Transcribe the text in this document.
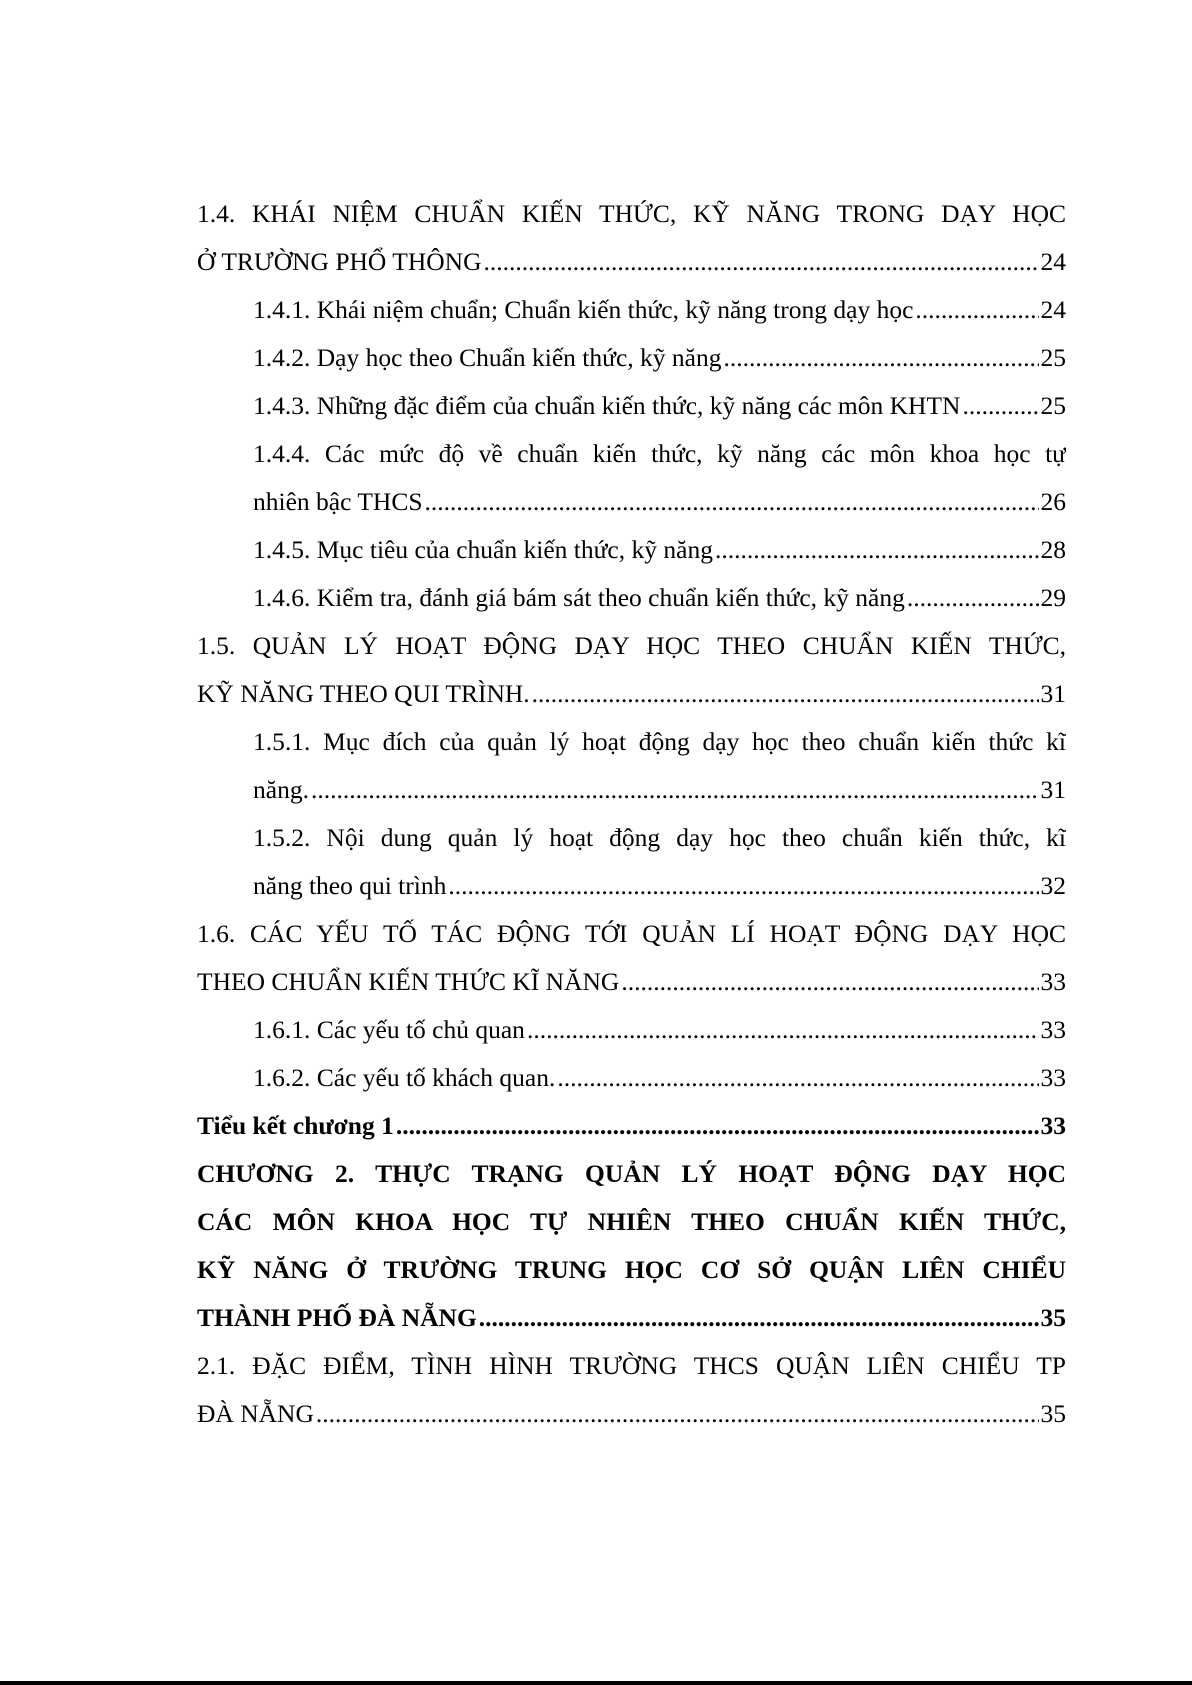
1.4. KHÁI NIỆM CHUẨN KIẾN THỨC, KỸ NĂNG TRONG DẠY HỌC
Ở TRƯỜNG PHỔ THÔNG .....	24
1.4.1. Khái niệm chuẩn; Chuẩn kiến thức, kỹ năng trong dạy học .....	24
1.4.2. Dạy học theo Chuẩn kiến thức, kỹ năng .....	25
1.4.3. Những đặc điểm của chuẩn kiến thức, kỹ năng các môn KHTN .....	25
1.4.4. Các mức độ về chuẩn kiến thức, kỹ năng các môn khoa học tự
nhiên bậc THCS .....	26
1.4.5. Mục tiêu của chuẩn kiến thức, kỹ năng .....	28
1.4.6. Kiểm tra, đánh giá bám sát theo chuẩn kiến thức, kỹ năng .....	29
1.5. QUẢN LÝ HOẠT ĐỘNG DẠY HỌC THEO CHUẨN KIẾN THỨC,
KỸ NĂNG THEO QUI TRÌNH. .....	31
1.5.1. Mục đích của quản lý hoạt động dạy học theo chuẩn kiến thức kĩ
năng. .....	31
1.5.2. Nội dung quản lý hoạt động dạy học theo chuẩn kiến thức, kĩ
năng theo qui trình .....	32
1.6. CÁC YẾU TỐ TÁC ĐỘNG TỚI QUẢN LÍ HOẠT ĐỘNG DẠY HỌC
THEO CHUẨN KIẾN THỨC KĨ NĂNG .....	33
1.6.1. Các yếu tố chủ quan .....	33
1.6.2. Các yếu tố khách quan. .....	33
Tiểu kết chương 1 .....	33
CHƯƠNG 2. THỰC TRẠNG QUẢN LÝ HOẠT ĐỘNG DẠY HỌC
CÁC MÔN KHOA HỌC TỰ NHIÊN THEO CHUẨN KIẾN THỨC,
KỸ NĂNG Ở TRƯỜNG TRUNG HỌC CƠ SỞ QUẬN LIÊN CHIỂU
THÀNH PHỐ ĐÀ NẴNG .....	35
2.1. ĐẶC ĐIỂM, TÌNH HÌNH TRƯỜNG THCS QUẬN LIÊN CHIỂU TP
ĐÀ NẴNG .....	35
